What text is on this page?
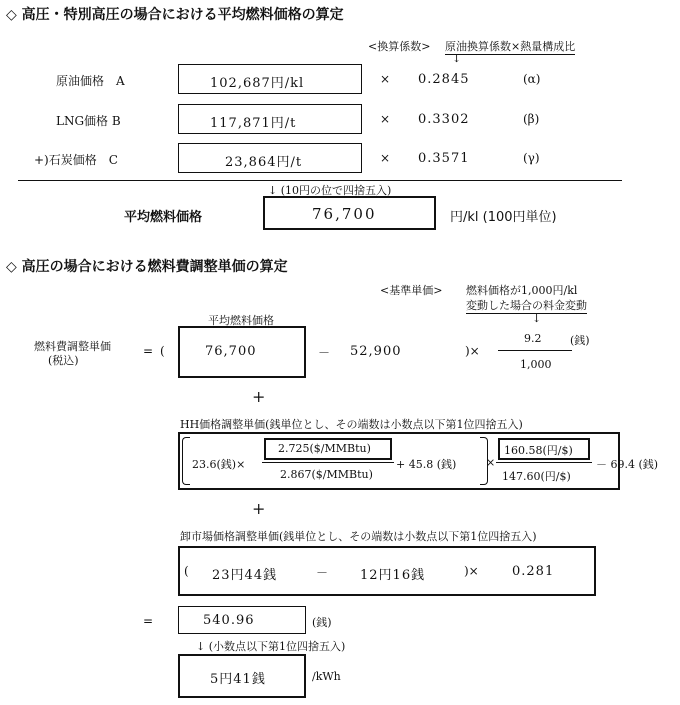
◇ 高圧・特別高圧の場合における平均燃料価格の算定
<換算係数> 原油換算係数×熱量構成比
↓
原油価格　A	102,687円/kl	× 0.2845	(α)
LNG価格 B	117,871円/t	× 0.3302	(β)
+)石炭価格　C	23,864円/t	× 0.3571	(γ)
↓ (10円の位で四捨五入)
平均燃料価格	76,700	円/kl (100円単位)
◇ 高圧の場合における燃料費調整単価の算定
<基準単価> 燃料価格が1,000円/kl
変動した場合の料金変動
↓
燃料費調整単価
(税込)
= (
平均燃料価格
76,700	－ 52,900	)×
9.2	(銭)
1,000
+
HH価格調整単価(銭単位とし、その端数は小数点以下第1位四捨五入)
23.6(銭)×
2.725($/MMBtu)
2.867($/MMBtu)
+ 45.8 (銭)	×
160.58(円/$)
147.60(円/$)
－ 69.4 (銭)
+
卸市場価格調整単価(銭単位とし、その端数は小数点以下第1位四捨五入)
( 23円44銭	－ 12円16銭	)×	0.281
=	540.96	(銭)
↓ (小数点以下第1位四捨五入)
5円41銭	/kWh
